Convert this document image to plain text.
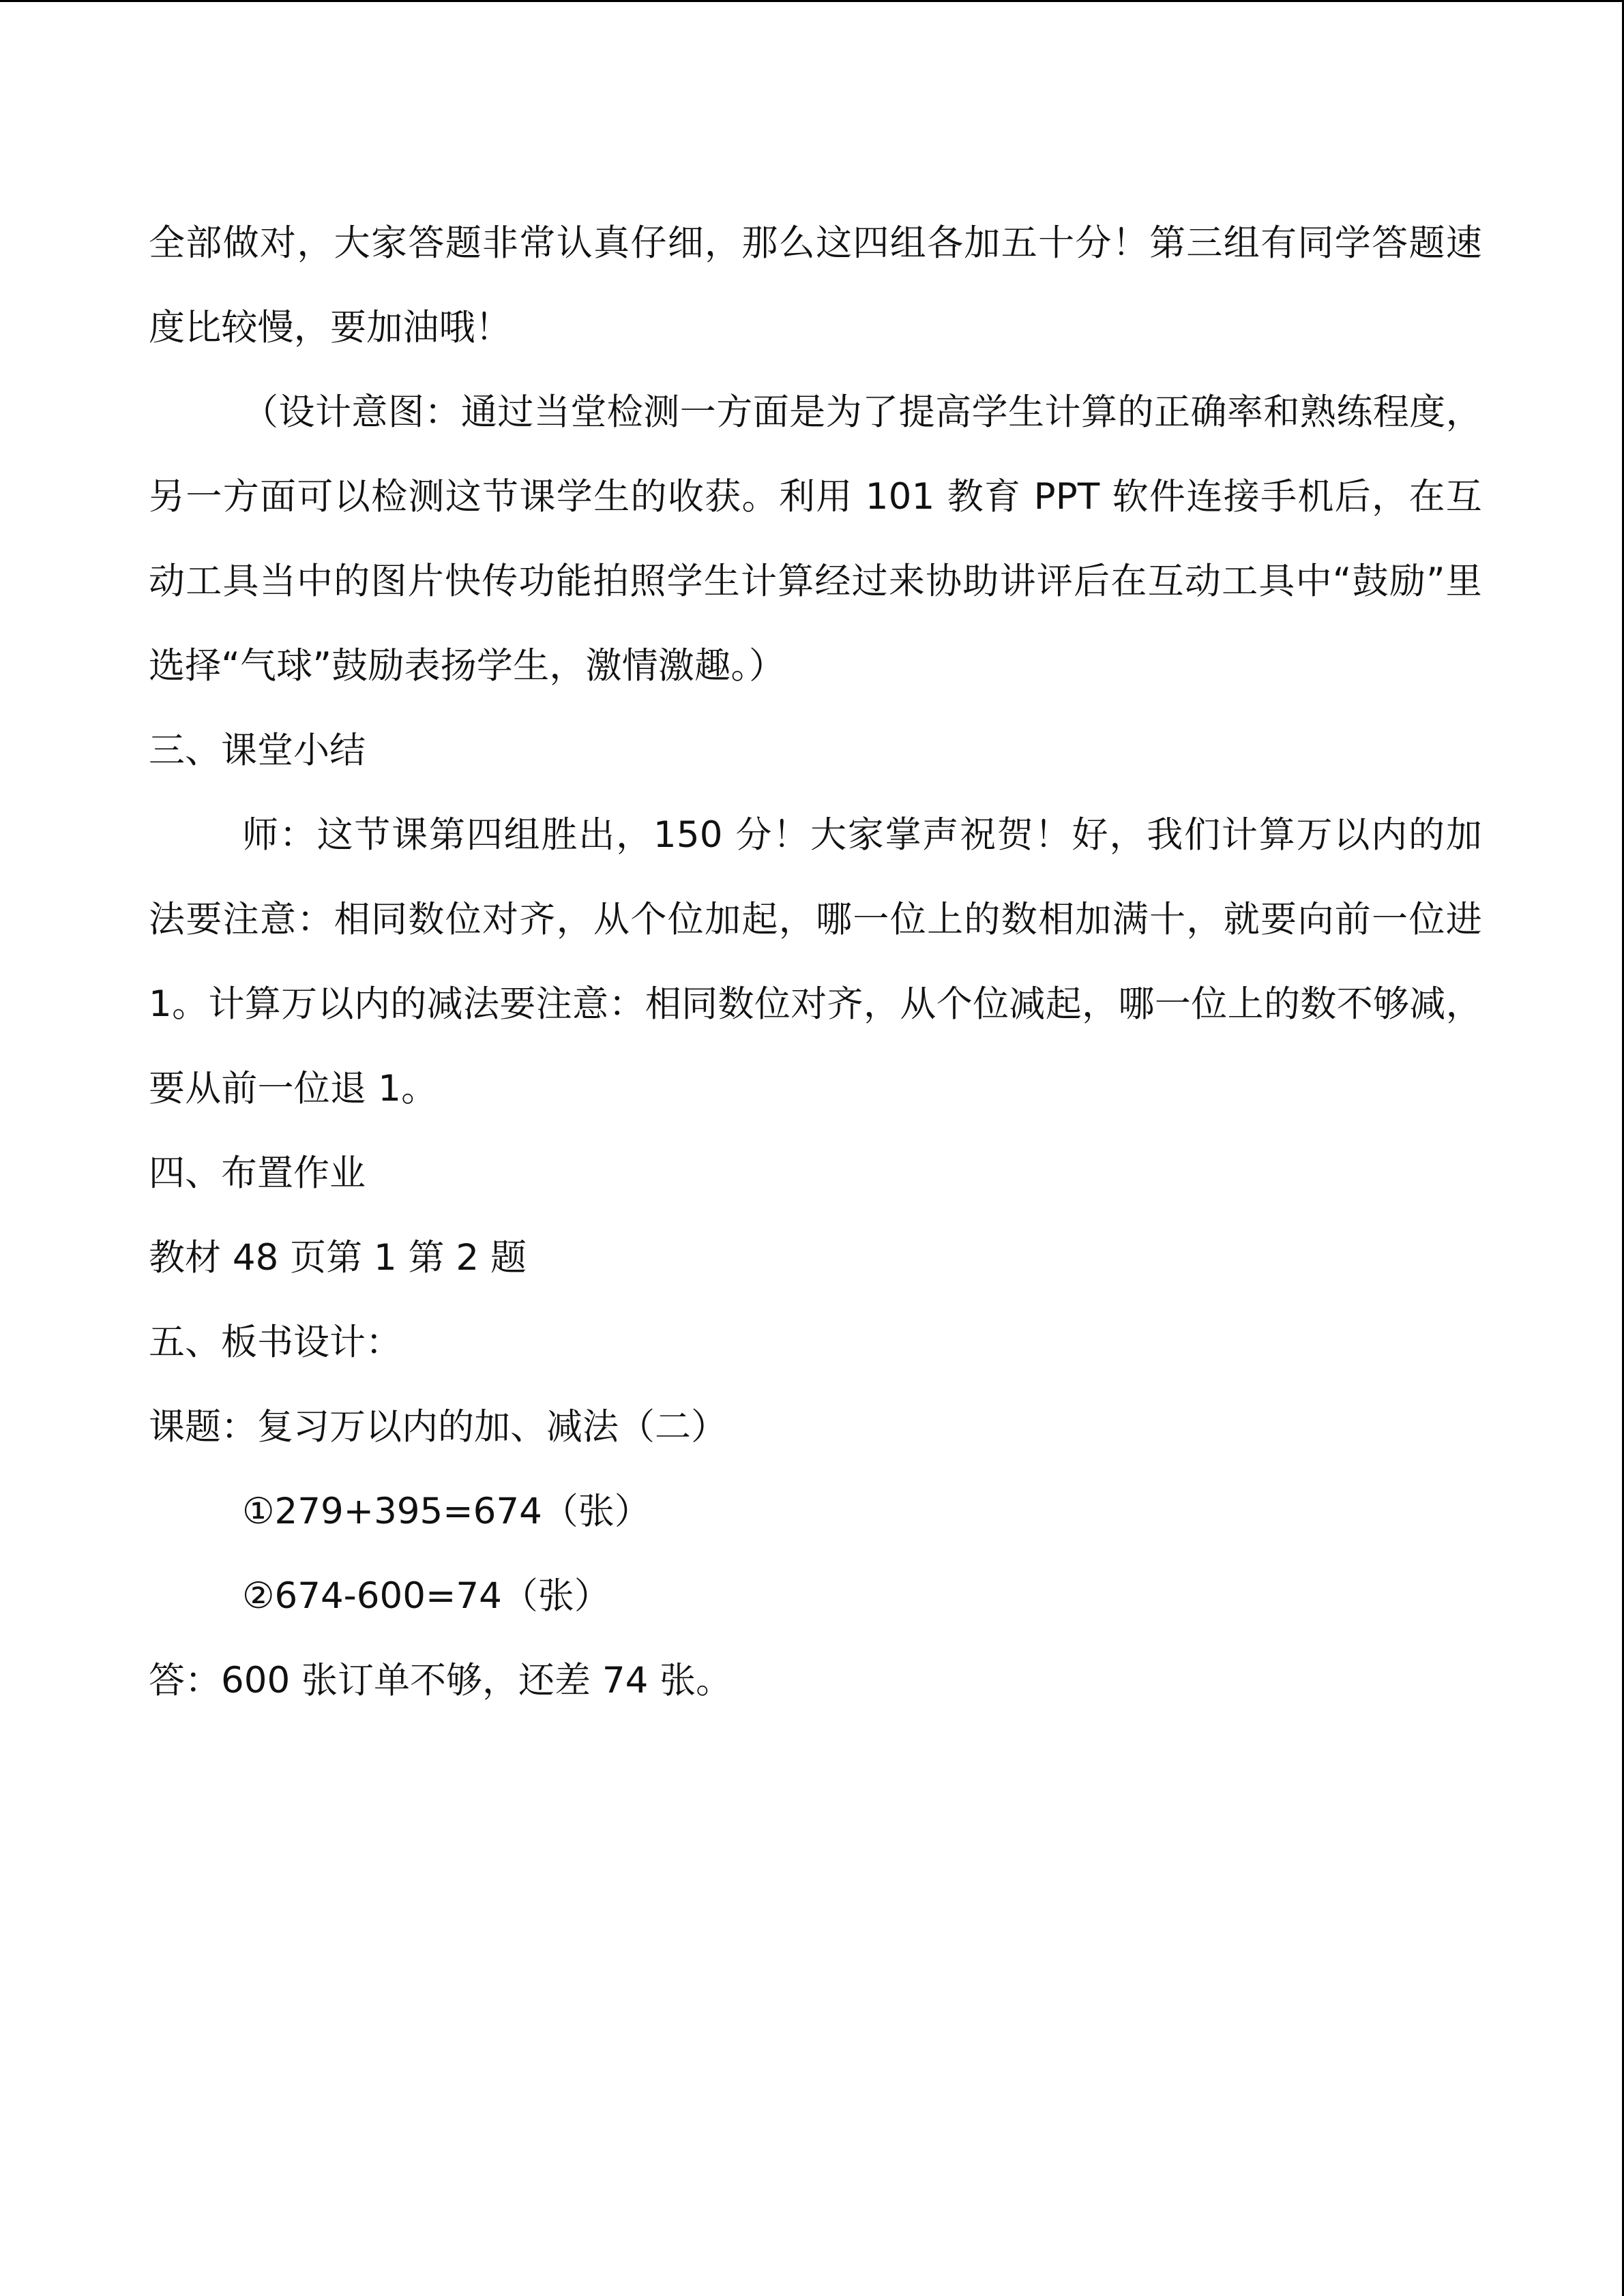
全部做对，大家答题非常认真仔细，那么这四组各加五十分！第三组有同学答题速度比较慢，要加油哦！

（设计意图：通过当堂检测一方面是为了提高学生计算的正确率和熟练程度，另一方面可以检测这节课学生的收获。利用 101 教育 PPT 软件连接手机后，在互动工具当中的图片快传功能拍照学生计算经过来协助讲评后在互动工具中“鼓励”里选择“气球”鼓励表扬学生，激情激趣。）

三、课堂小结

师：这节课第四组胜出，150 分！大家掌声祝贺！好，我们计算万以内的加法要注意：相同数位对齐，从个位加起，哪一位上的数相加满十，就要向前一位进 1。计算万以内的减法要注意：相同数位对齐，从个位减起，哪一位上的数不够减，要从前一位退 1。

四、布置作业

教材 48 页第 1 第 2 题

五、板书设计：

课题：复习万以内的加、减法（二）

①279+395=674（张）

②674-600=74（张）

答：600 张订单不够，还差 74 张。
